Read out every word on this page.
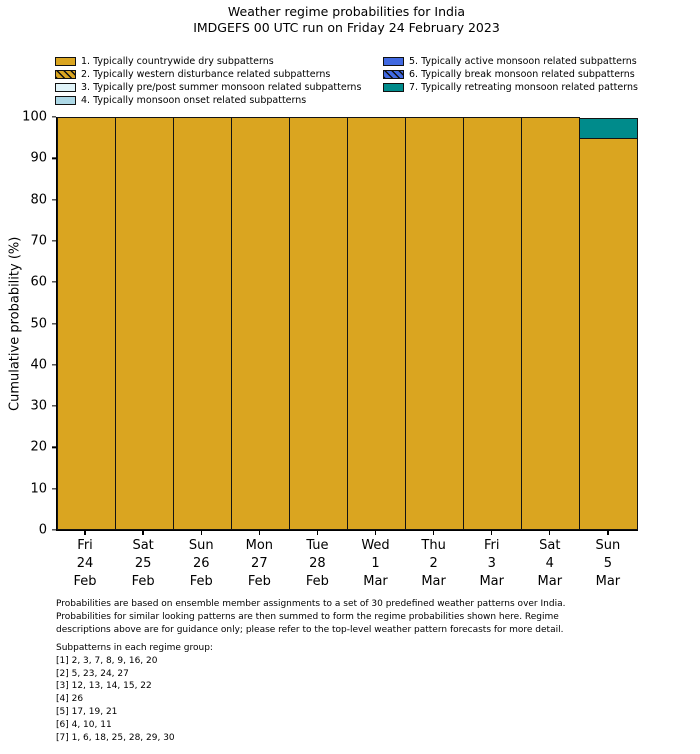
Weather regime probabilities for India
IMDGEFS 00 UTC run on Friday 24 February 2023
1. Typically countrywide dry subpatterns
2. Typically western disturbance related subpatterns
3. Typically pre/post summer monsoon related subpatterns
4. Typically monsoon onset related subpatterns
5. Typically active monsoon related subpatterns
6. Typically break monsoon related subpatterns
7. Typically retreating monsoon related patterns
Cumulative probability (%)
0
10
20
30
40
50
60
70
80
90
100
Fri
24
Feb
Sat
25
Feb
Sun
26
Feb
Mon
27
Feb
Tue
28
Feb
Wed
1
Mar
Thu
2
Mar
Fri
3
Mar
Sat
4
Mar
Sun
5
Mar
Probabilities are based on ensemble member assignments to a set of 30 predefined weather patterns over India.
Probabilities for similar looking patterns are then summed to form the regime probabilities shown here. Regime
descriptions above are for guidance only; please refer to the top-level weather pattern forecasts for more detail.
Subpatterns in each regime group:
[1] 2, 3, 7, 8, 9, 16, 20
[2] 5, 23, 24, 27
[3] 12, 13, 14, 15, 22
[4] 26
[5] 17, 19, 21
[6] 4, 10, 11
[7] 1, 6, 18, 25, 28, 29, 30
